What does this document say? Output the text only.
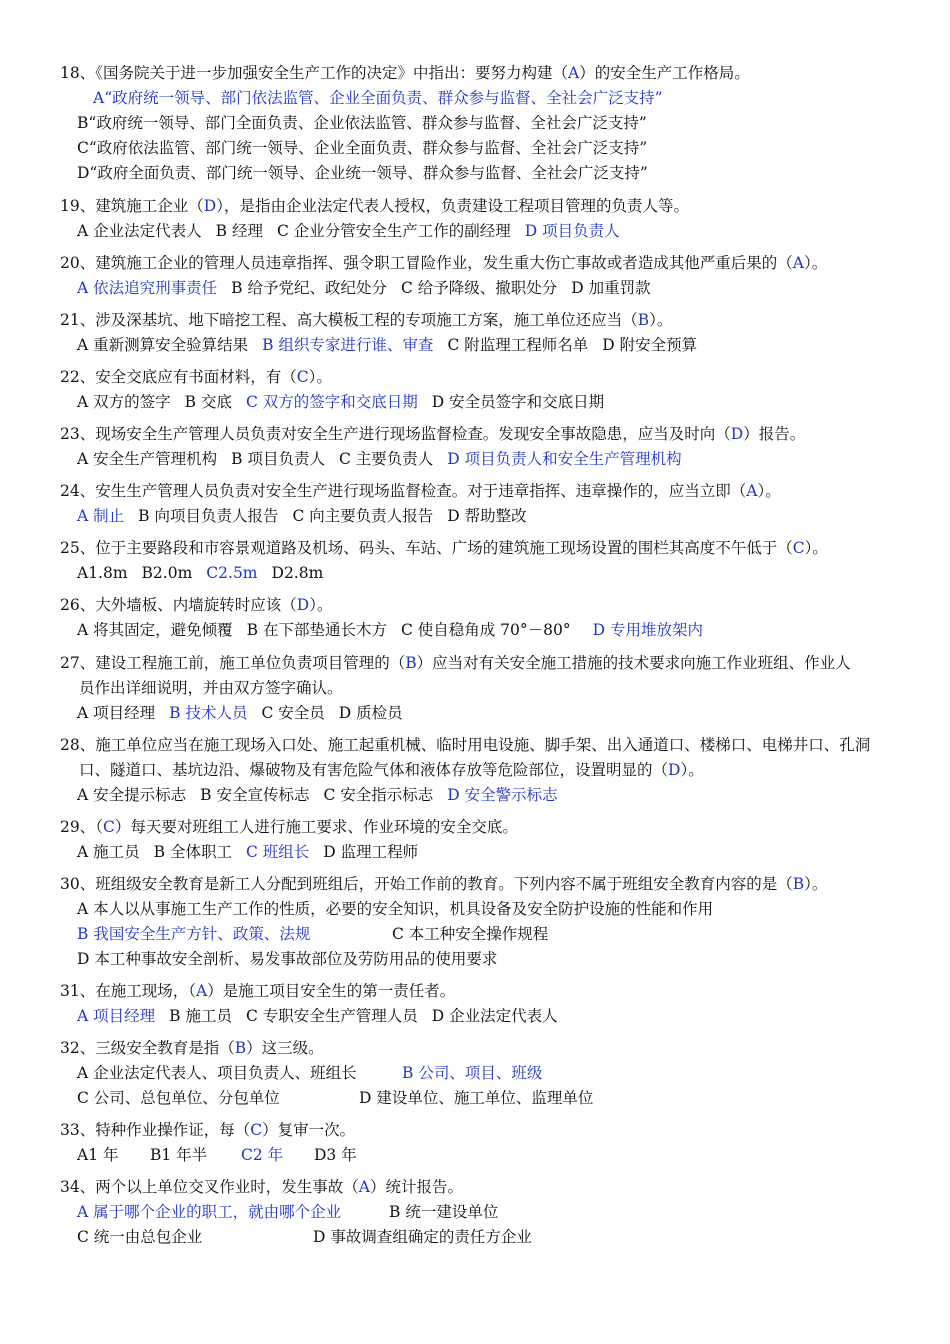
18、《国务院关于进一步加强安全生产工作的决定》中指出：要努力构建（A）的安全生产工作格局。
A“政府统一领导、部门依法监管、企业全面负责、群众参与监督、全社会广泛支持”
B“政府统一领导、部门全面负责、企业依法监管、群众参与监督、全社会广泛支持”
C“政府依法监管、部门统一领导、企业全面负责、群众参与监督、全社会广泛支持”
D“政府全面负责、部门统一领导、企业统一领导、群众参与监督、全社会广泛支持”
19、建筑施工企业（D），是指由企业法定代表人授权，负责建设工程项目管理的负责人等。
A 企业法定代表人 B 经理 C 企业分管安全生产工作的副经理 D 项目负责人
20、建筑施工企业的管理人员违章指挥、强令职工冒险作业，发生重大伤亡事故或者造成其他严重后果的（A）。
A 依法追究刑事责任 B 给予党纪、政纪处分 C 给予降级、撤职处分 D 加重罚款
21、涉及深基坑、地下暗挖工程、高大模板工程的专项施工方案，施工单位还应当（B）。
A 重新测算安全验算结果 B 组织专家进行谁、审查 C 附监理工程师名单 D 附安全预算
22、安全交底应有书面材料，有（C）。
A 双方的签字 B 交底 C 双方的签字和交底日期 D 安全员签字和交底日期
23、现场安全生产管理人员负责对安全生产进行现场监督检查。发现安全事故隐患，应当及时向（D）报告。
A 安全生产管理机构 B 项目负责人 C 主要负责人 D 项目负责人和安全生产管理机构
24、安生生产管理人员负责对安全生产进行现场监督检查。对于违章指挥、违章操作的，应当立即（A）。
A 制止 B 向项目负责人报告 C 向主要负责人报告 D 帮助整改
25、位于主要路段和市容景观道路及机场、码头、车站、广场的建筑施工现场设置的围栏其高度不午低于（C）。
A1.8m B2.0m C2.5m D2.8m
26、大外墙板、内墙旋转时应该（D）。
A 将其固定，避免倾覆 B 在下部垫通长木方 C 使自稳角成 70°－80° D 专用堆放架内
27、建设工程施工前，施工单位负责项目管理的（B）应当对有关安全施工措施的技术要求向施工作业班组、作业人
员作出详细说明，并由双方签字确认。
A 项目经理 B 技术人员 C 安全员 D 质检员
28、施工单位应当在施工现场入口处、施工起重机械、临时用电设施、脚手架、出入通道口、楼梯口、电梯井口、孔洞
口、隧道口、基坑边沿、爆破物及有害危险气体和液体存放等危险部位，设置明显的（D）。
A 安全提示标志 B 安全宣传标志 C 安全指示标志 D 安全警示标志
29、（C）每天要对班组工人进行施工要求、作业环境的安全交底。
A 施工员 B 全体职工 C 班组长 D 监理工程师
30、班组级安全教育是新工人分配到班组后，开始工作前的教育。下列内容不属于班组安全教育内容的是（B）。
A 本人以从事施工生产工作的性质，必要的安全知识，机具设备及安全防护设施的性能和作用
B 我国安全生产方针、政策、法规	C 本工种安全操作规程
D 本工种事故安全剖析、易发事故部位及劳防用品的使用要求
31、在施工现场，（A）是施工项目安全生的第一责任者。
A 项目经理 B 施工员 C 专职安全生产管理人员 D 企业法定代表人
32、三级安全教育是指（B）这三级。
A 企业法定代表人、项目负责人、班组长	B 公司、项目、班级
C 公司、总包单位、分包单位	D 建设单位、施工单位、监理单位
33、特种作业操作证，每（C）复审一次。
A1 年 B1 年半 C2 年 D3 年
34、两个以上单位交叉作业时，发生事故（A）统计报告。
A 属于哪个企业的职工，就由哪个企业	B 统一建设单位
C 统一由总包企业	D 事故调查组确定的责任方企业
